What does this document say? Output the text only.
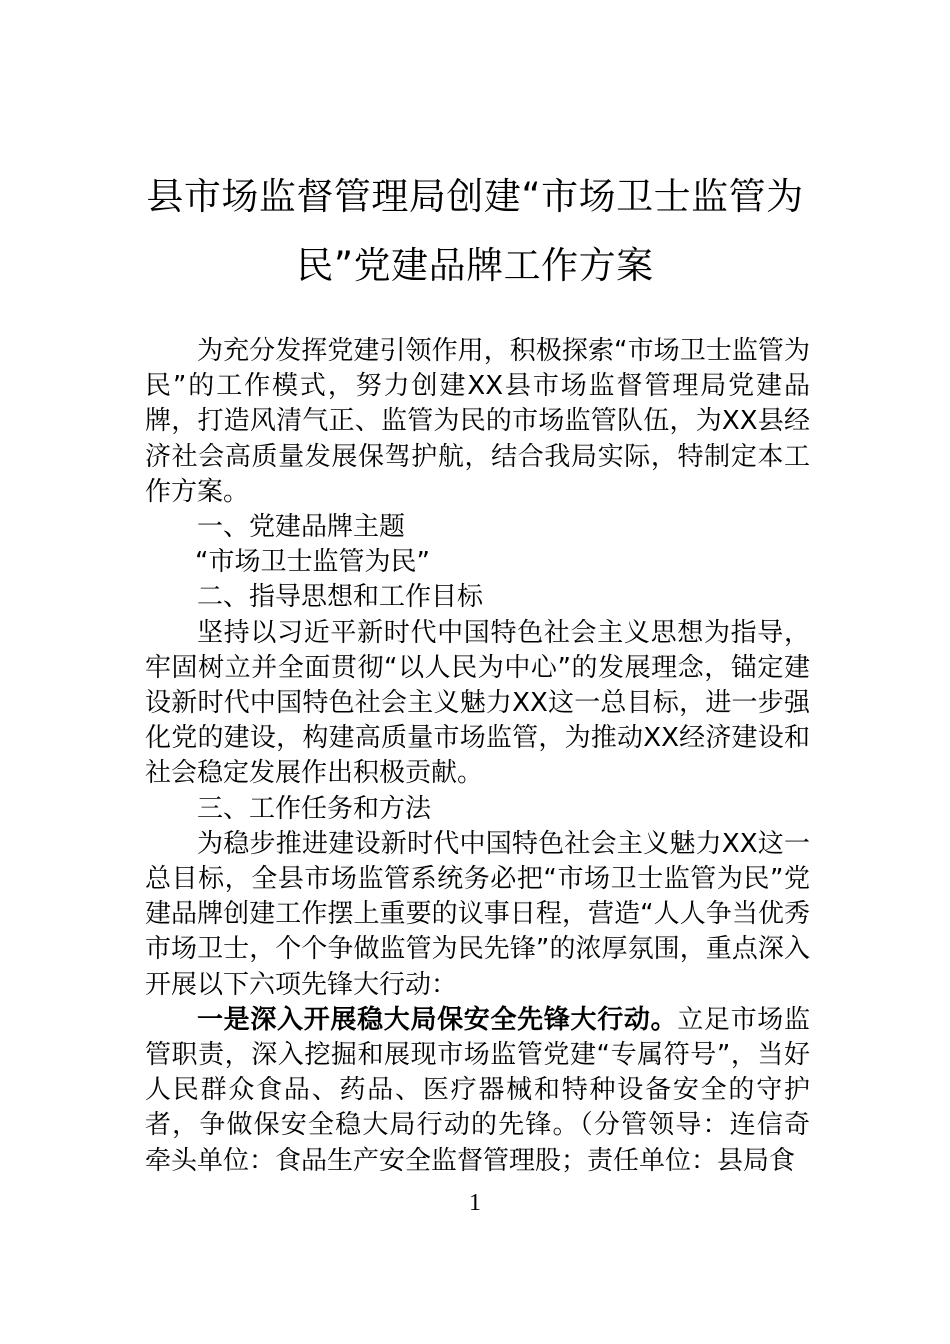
县市场监督管理局创建“市场卫士监管为
民”党建品牌工作方案

为充分发挥党建引领作用，积极探索“市场卫士监管为民”的工作模式，努力创建XX县市场监督管理局党建品牌，打造风清气正、监管为民的市场监管队伍，为XX县经济社会高质量发展保驾护航，结合我局实际，特制定本工作方案。

一、党建品牌主题

“市场卫士监管为民”

二、指导思想和工作目标

坚持以习近平新时代中国特色社会主义思想为指导，牢固树立并全面贯彻“以人民为中心”的发展理念，锚定建设新时代中国特色社会主义魅力XX这一总目标，进一步强化党的建设，构建高质量市场监管，为推动XX经济建设和社会稳定发展作出积极贡献。

三、工作任务和方法

为稳步推进建设新时代中国特色社会主义魅力XX这一总目标，全县市场监管系统务必把“市场卫士监管为民”党建品牌创建工作摆上重要的议事日程，营造“人人争当优秀市场卫士，个个争做监管为民先锋”的浓厚氛围，重点深入开展以下六项先锋大行动：

一是深入开展稳大局保安全先锋大行动。立足市场监管职责，深入挖掘和展现市场监管党建“专属符号”，当好人民群众食品、药品、医疗器械和特种设备安全的守护者，争做保安全稳大局行动的先锋。（分管领导：连信奇 牵头单位：食品生产安全监督管理股；责任单位：县局食

1
